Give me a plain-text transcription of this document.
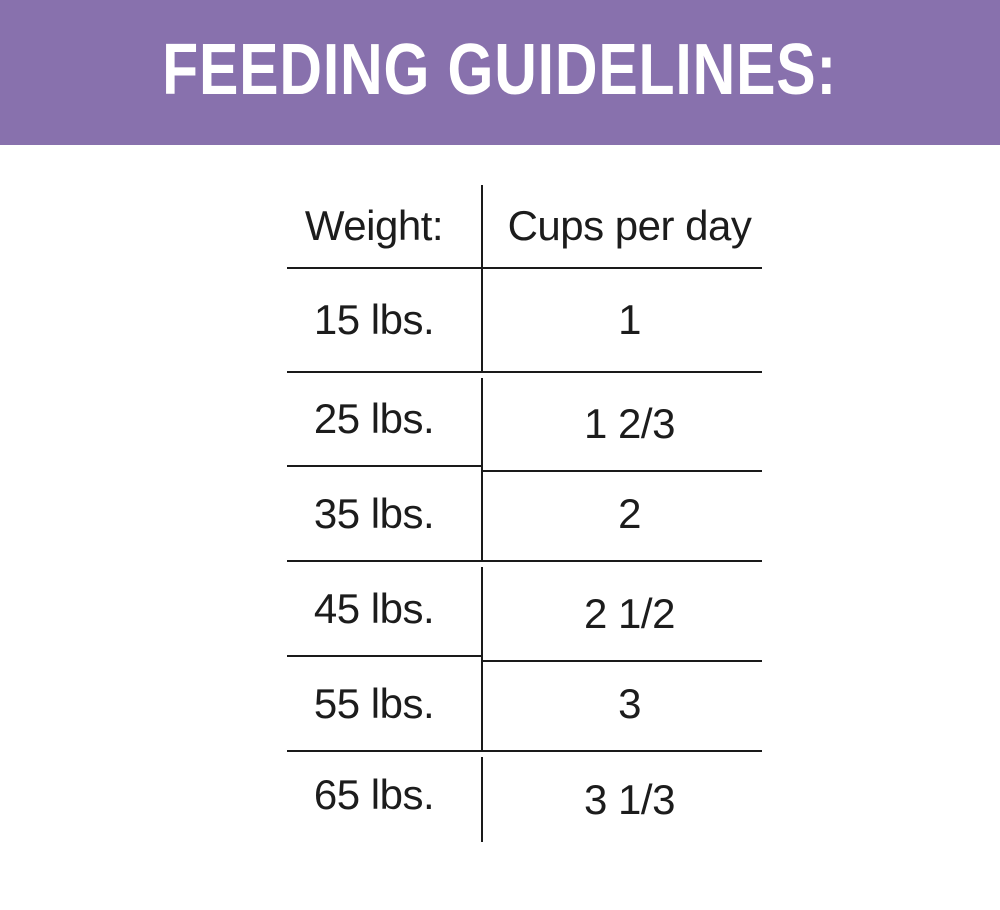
FEEDING GUIDELINES:
Weight:	Cups per day
15 lbs.	1
25 lbs.	1 2/3
35 lbs.	2
45 lbs.	2 1/2
55 lbs.	3
65 lbs.	3 1/3
